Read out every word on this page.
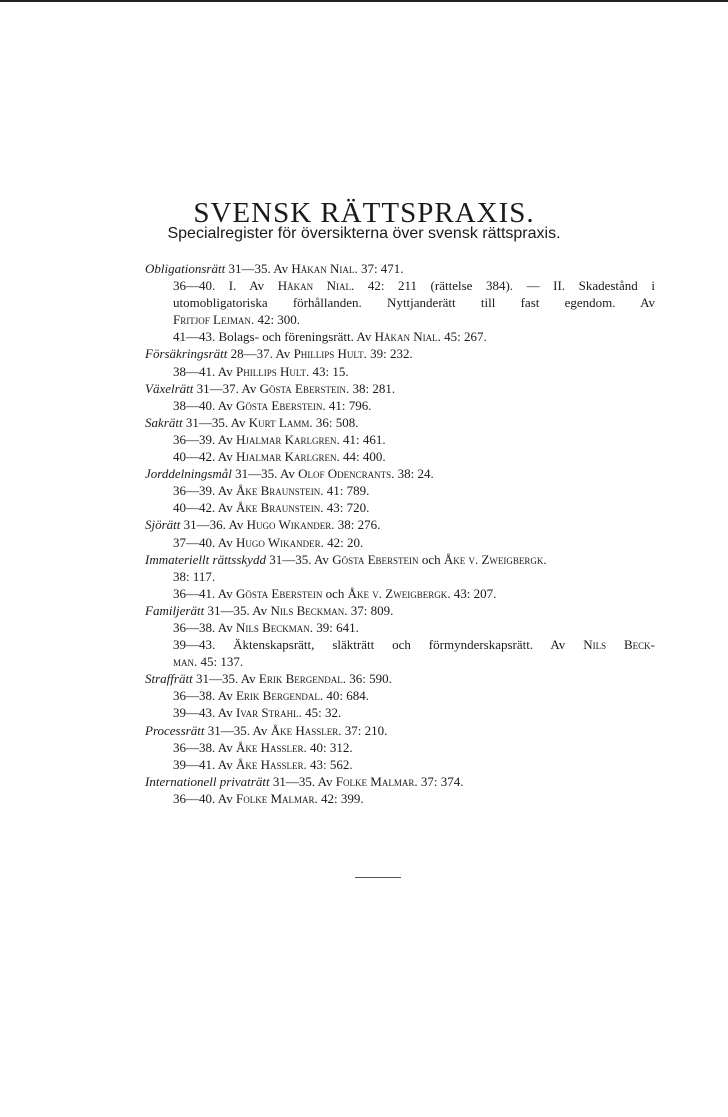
SVENSK RÄTTSPRAXIS.
Specialregister för översikterna över svensk rättspraxis.
Obligationsrätt 31—35. Av Håkan Nial. 37: 471.
36—40. I. Av Håkan Nial. 42: 211 (rättelse 384). — II. Skadestånd i
utomobligatoriska förhållanden. Nyttjanderätt till fast egendom. Av
Fritjof Lejman. 42: 300.
41—43. Bolags- och föreningsrätt. Av Håkan Nial. 45: 267.
Försäkringsrätt 28—37. Av Phillips Hult. 39: 232.
38—41. Av Phillips Hult. 43: 15.
Växelrätt 31—37. Av Gösta Eberstein. 38: 281.
38—40. Av Gösta Eberstein. 41: 796.
Sakrätt 31—35. Av Kurt Lamm. 36: 508.
36—39. Av Hjalmar Karlgren. 41: 461.
40—42. Av Hjalmar Karlgren. 44: 400.
Jorddelningsmål 31—35. Av Olof Odencrants. 38: 24.
36—39. Av Åke Braunstein. 41: 789.
40—42. Av Åke Braunstein. 43: 720.
Sjörätt 31—36. Av Hugo Wikander. 38: 276.
37—40. Av Hugo Wikander. 42: 20.
Immateriellt rättsskydd 31—35. Av Gösta Eberstein och Åke v. Zweigbergk.
38: 117.
36—41. Av Gösta Eberstein och Åke v. Zweigbergk. 43: 207.
Familjerätt 31—35. Av Nils Beckman. 37: 809.
36—38. Av Nils Beckman. 39: 641.
39—43. Äktenskapsrätt, släkträtt och förmynderskapsrätt. Av Nils Beck-
man. 45: 137.
Straffrätt 31—35. Av Erik Bergendal. 36: 590.
36—38. Av Erik Bergendal. 40: 684.
39—43. Av Ivar Strahl. 45: 32.
Processrätt 31—35. Av Åke Hassler. 37: 210.
36—38. Av Åke Hassler. 40: 312.
39—41. Av Åke Hassler. 43: 562.
Internationell privaträtt 31—35. Av Folke Malmar. 37: 374.
36—40. Av Folke Malmar. 42: 399.
